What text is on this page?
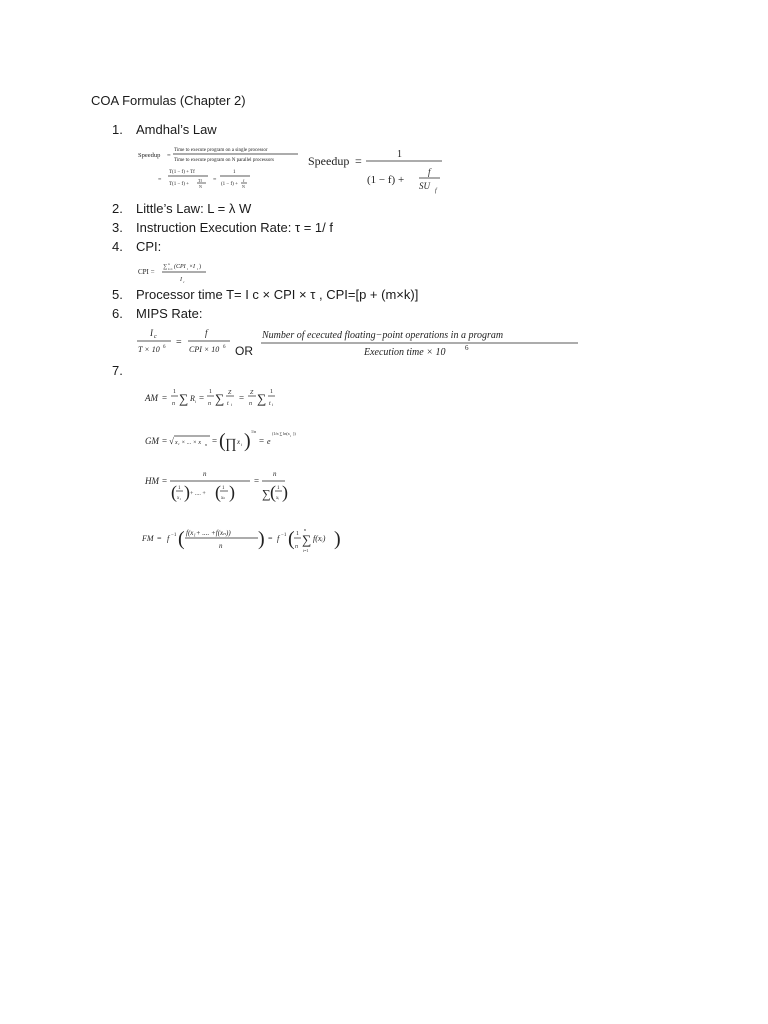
COA Formulas (Chapter 2)
1. Amdhal’s Law
Speedup =
Time to execute program on a single processor
Time to execute program on N parallel processors
=
T(1 − f) + Tf
T(1 − f) +
Tf
N
=
1
(1 − f) +
f
N
Speedup =	1
(1 − f) +
f
SU f
2. Little’s Law: L = λ W
3. Instruction Execution Rate: τ = 1/ f
4. CPI:
CPI =
∑ n
i=1 (CPI i ×I i )
I c
5. Processor time T= I c × CPI × τ , CPI=[p + (m×k)]
6. MIPS Rate:
I c
T × 10 6 =
f
CPI × 10 6 OR
Number of ececuted floating−point operations in a program
Execution time × 10	6
7.
AM =
1
n ∑ R i =
1
n ∑ Z
t i
= Z
n ∑ 1
t i
GM = √ x₁ × ... × x n = ( ∏ x i ) 1/n
= e
(1/n ∑ ln(x i ))
HM =
n
( 1
x₁ ) + .... + ( 1
xₙ )
=
n
∑ ( 1
xᵢ )
FM = f −1 ( f(x₁+ .... +f(xₙ))
n ) = f −1 ( 1
n ∑
n
i=1
f(xᵢ) )
